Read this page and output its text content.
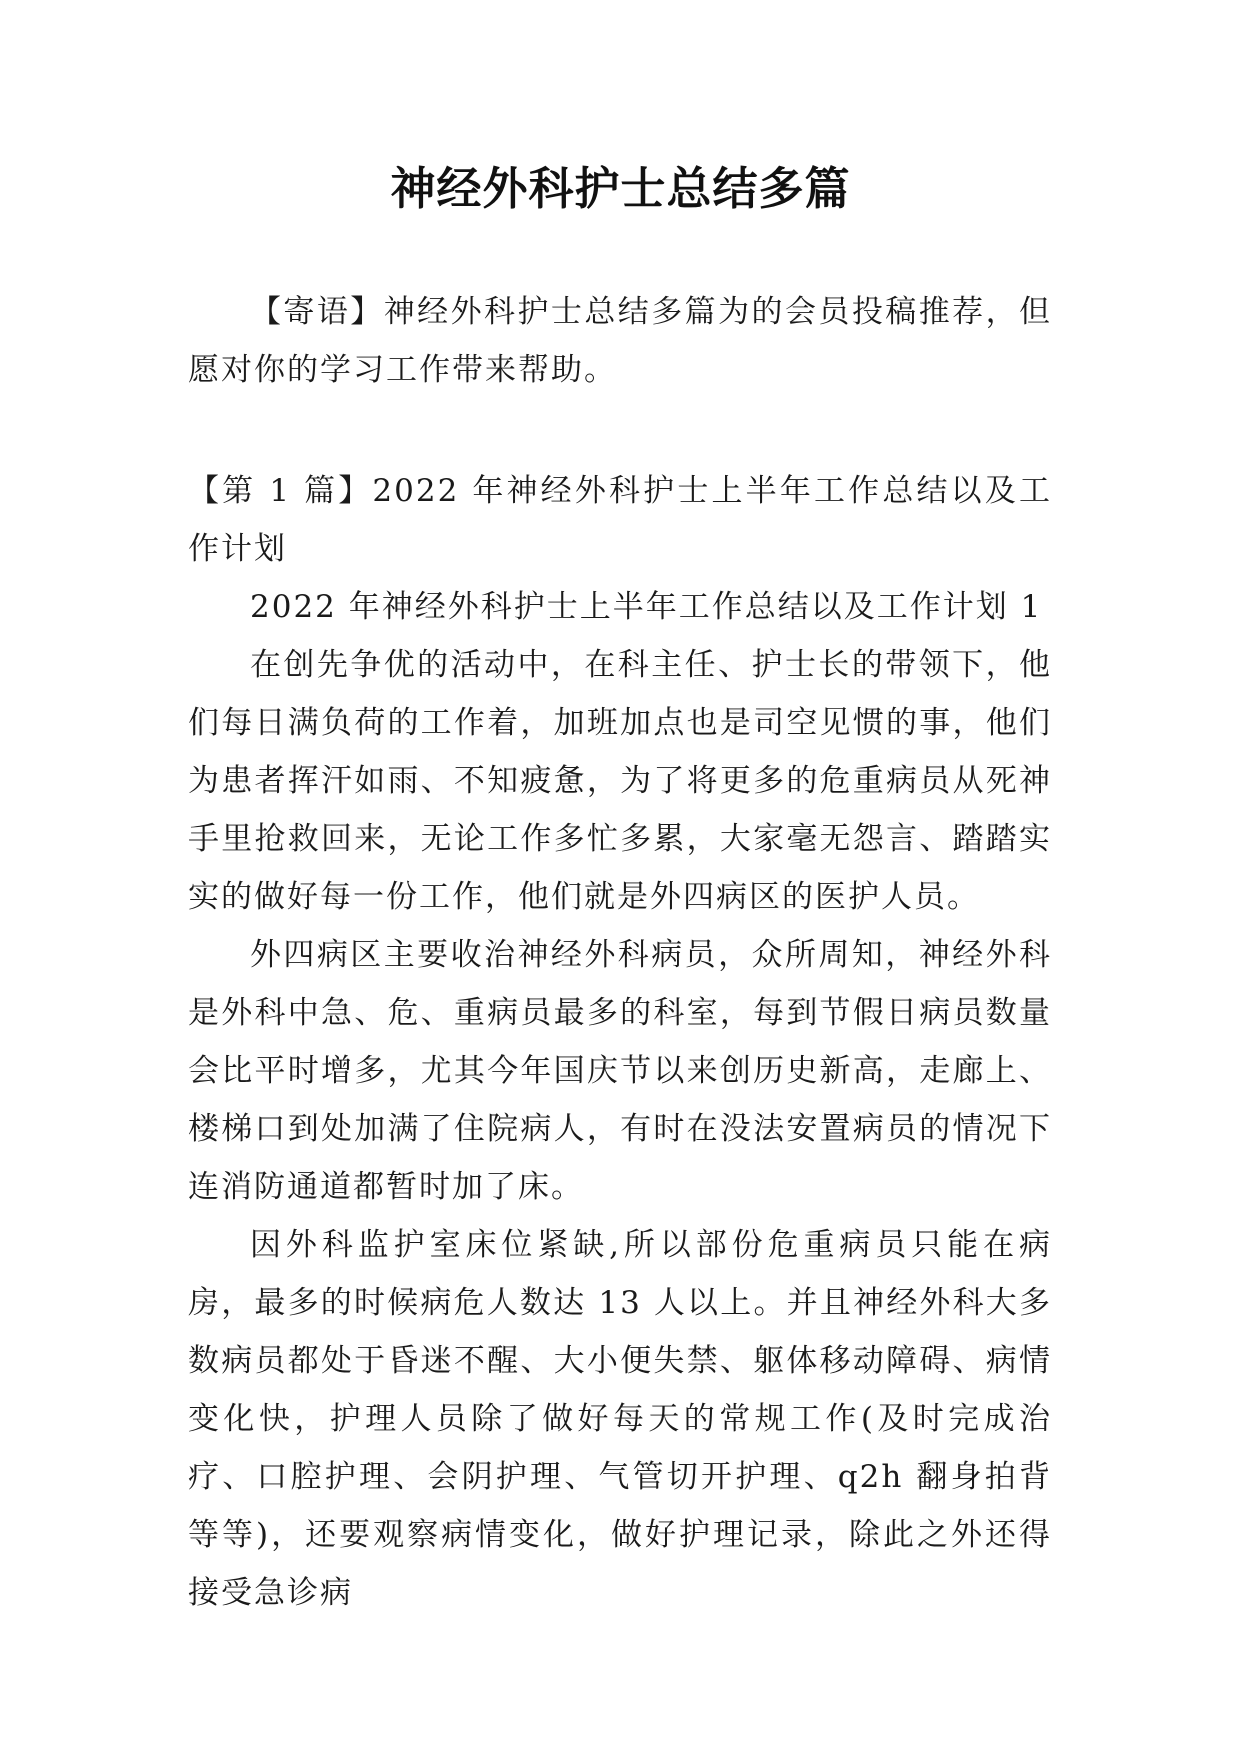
神经外科护士总结多篇

【寄语】神经外科护士总结多篇为的会员投稿推荐，但愿对你的学习工作带来帮助。

【第 1 篇】2022 年神经外科护士上半年工作总结以及工作计划

2022 年神经外科护士上半年工作总结以及工作计划 1

在创先争优的活动中，在科主任、护士长的带领下，他们每日满负荷的工作着，加班加点也是司空见惯的事，他们为患者挥汗如雨、不知疲惫，为了将更多的危重病员从死神手里抢救回来，无论工作多忙多累，大家毫无怨言、踏踏实实的做好每一份工作，他们就是外四病区的医护人员。

外四病区主要收治神经外科病员，众所周知，神经外科是外科中急、危、重病员最多的科室，每到节假日病员数量会比平时增多，尤其今年国庆节以来创历史新高，走廊上、楼梯口到处加满了住院病人，有时在没法安置病员的情况下连消防通道都暂时加了床。

因外科监护室床位紧缺,所以部份危重病员只能在病房，最多的时候病危人数达 13 人以上。并且神经外科大多数病员都处于昏迷不醒、大小便失禁、躯体移动障碍、病情变化快，护理人员除了做好每天的常规工作(及时完成治疗、口腔护理、会阴护理、气管切开护理、q2h 翻身拍背等等)，还要观察病情变化，做好护理记录，除此之外还得接受急诊病
